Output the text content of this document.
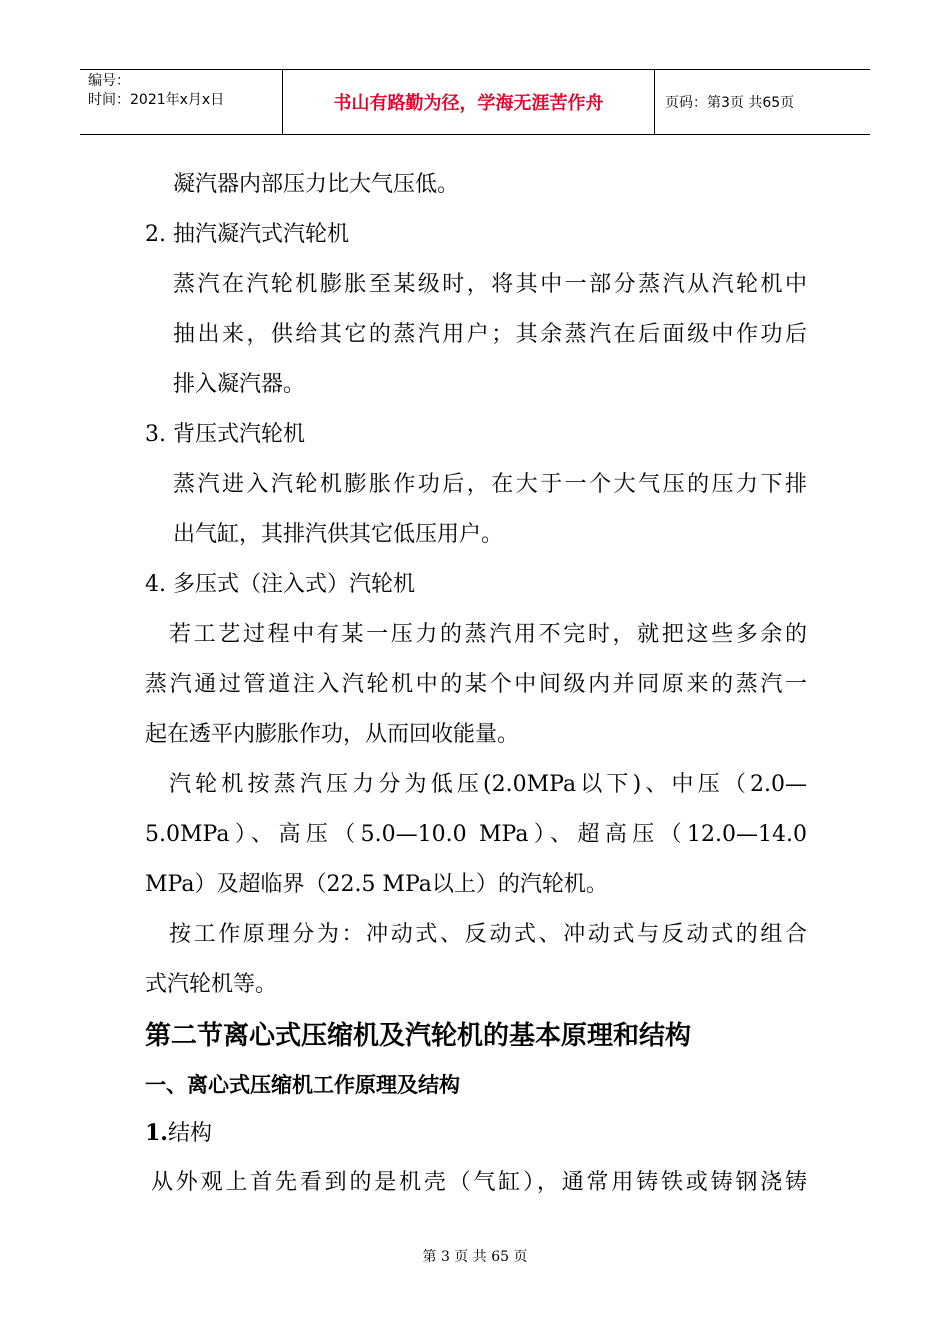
编号：
时间：2021年x月x日	书山有路勤为径，学海无涯苦作舟	页码：第3页 共65页
凝汽器内部压力比大气压低。
2. 抽汽凝汽式汽轮机
蒸汽在汽轮机膨胀至某级时，将其中一部分蒸汽从汽轮机中
抽出来，供给其它的蒸汽用户；其余蒸汽在后面级中作功后
排入凝汽器。
3. 背压式汽轮机
蒸汽进入汽轮机膨胀作功后，在大于一个大气压的压力下排
出气缸，其排汽供其它低压用户。
4. 多压式（注入式）汽轮机
若工艺过程中有某一压力的蒸汽用不完时，就把这些多余的
蒸汽通过管道注入汽轮机中的某个中间级内并同原来的蒸汽一
起在透平内膨胀作功，从而回收能量。
汽轮机按蒸汽压力分为低压(2.0MPa以下)、中压（2.0—
5.0MPa）、高压（5.0—10.0 MPa）、超高压（12.0—14.0
MPa）及超临界（22.5 MPa以上）的汽轮机。
按工作原理分为：冲动式、反动式、冲动式与反动式的组合
式汽轮机等。
第二节离心式压缩机及汽轮机的基本原理和结构
一、离心式压缩机工作原理及结构
1.结构
从外观上首先看到的是机壳（气缸），通常用铸铁或铸钢浇铸
第 3 页 共 65 页
